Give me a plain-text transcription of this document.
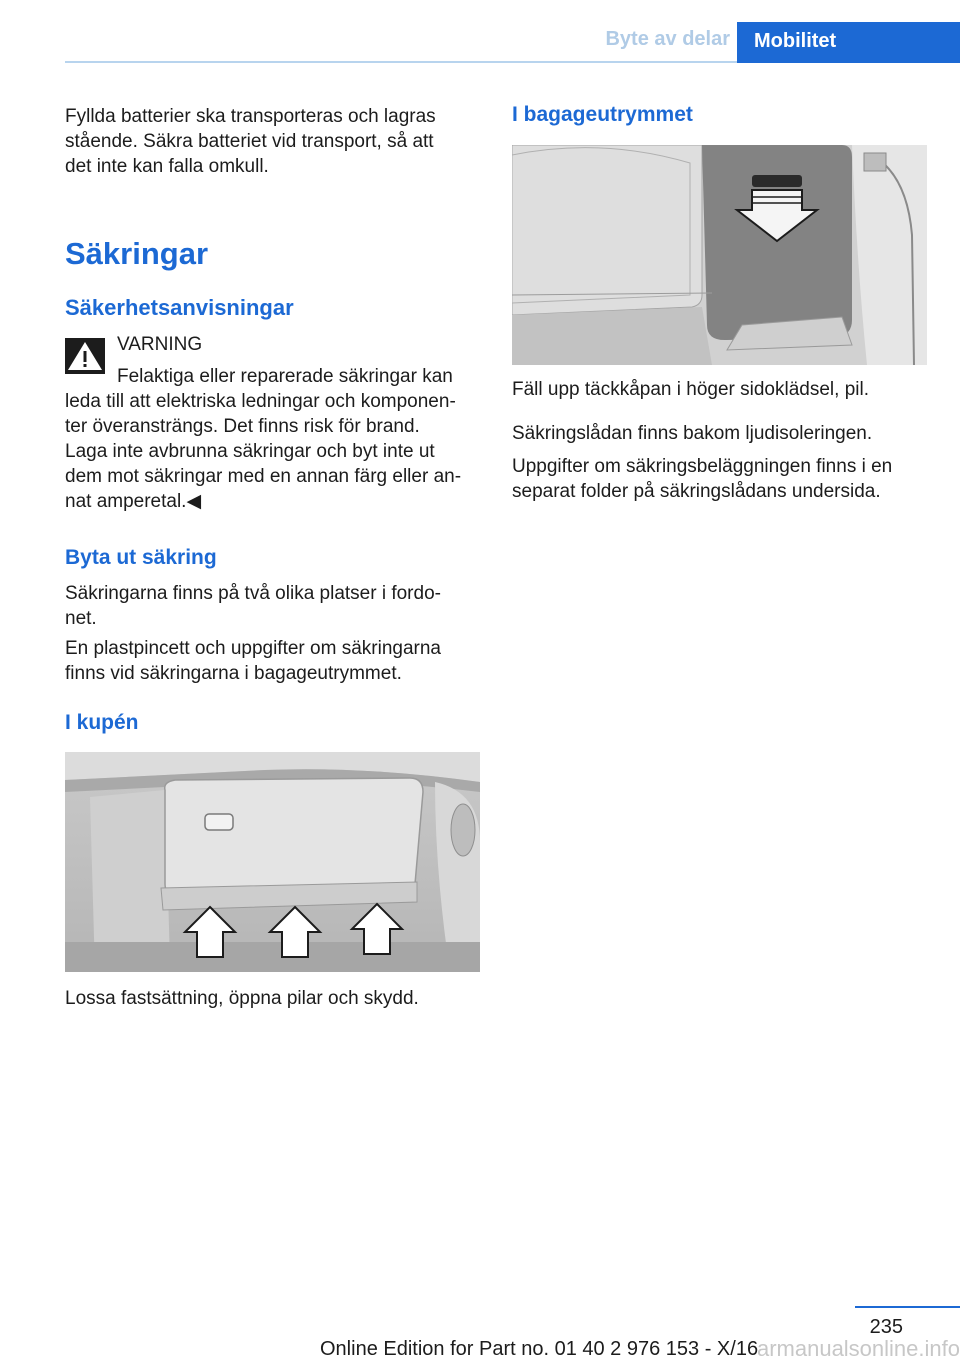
Byte av delar	Mobilitet
Fyllda batterier ska transporteras och lagras
stående. Säkra batteriet vid transport, så att
det inte kan falla omkull.
Säkringar
Säkerhetsanvisningar
VARNING
Felaktiga eller reparerade säkringar kan
leda till att elektriska ledningar och komponen‐
ter överansträngs. Det finns risk för brand.
Laga inte avbrunna säkringar och byt inte ut
dem mot säkringar med en annan färg eller an‐
nat amperetal.◀
Byta ut säkring
Säkringarna finns på två olika platser i fordo‐
net.
En plastpincett och uppgifter om säkringarna
finns vid säkringarna i bagageutrymmet.
I kupén
Lossa fastsättning, öppna pilar och skydd.
I bagageutrymmet
Fäll upp täckkåpan i höger sidoklädsel, pil.
Säkringslådan finns bakom ljudisoleringen.
Uppgifter om säkringsbeläggningen finns i en
separat folder på säkringslådans undersida.
235
Online Edition for Part no. 01 40 2 976 153 - X/16
armanualsonline.info
